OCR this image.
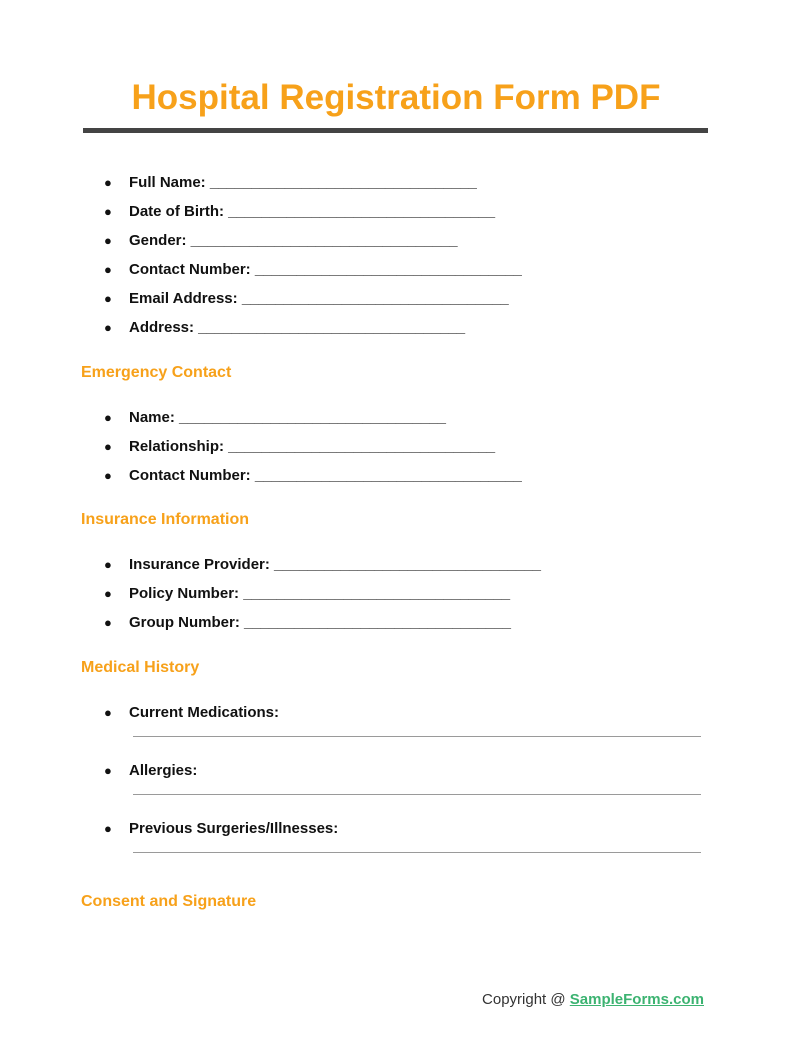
Hospital Registration Form PDF
● Full Name: ________________________________
● Date of Birth: ________________________________
● Gender: ________________________________
● Contact Number: ________________________________
● Email Address: ________________________________
● Address: ________________________________
Emergency Contact
● Name: ________________________________
● Relationship: ________________________________
● Contact Number: ________________________________
Insurance Information
● Insurance Provider: ________________________________
● Policy Number: ________________________________
● Group Number: ________________________________
Medical History
● Current Medications:
● Allergies:
● Previous Surgeries/Illnesses:
Consent and Signature
Copyright @ SampleForms.com
